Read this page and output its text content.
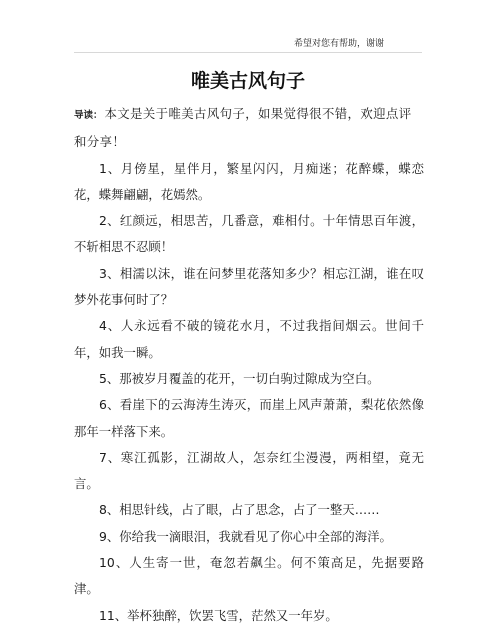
希望对您有帮助，谢谢
唯美古风句子

导读： 本文是关于唯美古风句子，如果觉得很不错，欢迎点评和分享！

1、月傍星，星伴月，繁星闪闪，月痴迷；花醉蝶，蝶恋花，蝶舞翩翩，花嫣然。

2、红颜远，相思苦，几番意，难相付。十年情思百年渡，不斩相思不忍顾！

3、相濡以沫，谁在问梦里花落知多少？相忘江湖，谁在叹梦外花事何时了？

4、人永远看不破的镜花水月，不过我指间烟云。世间千年，如我一瞬。

5、那被岁月覆盖的花开，一切白驹过隙成为空白。

6、看崖下的云海涛生涛灭，而崖上风声萧萧，梨花依然像那年一样落下来。

7、寒江孤影，江湖故人，怎奈红尘漫漫，两相望，竟无言。

8、相思针线，占了眼，占了思念，占了一整天……

9、你给我一滴眼泪，我就看见了你心中全部的海洋。

10、人生寄一世，奄忽若飙尘。何不策高足，先据要路津。

11、举杯独醉，饮罢飞雪，茫然又一年岁。
